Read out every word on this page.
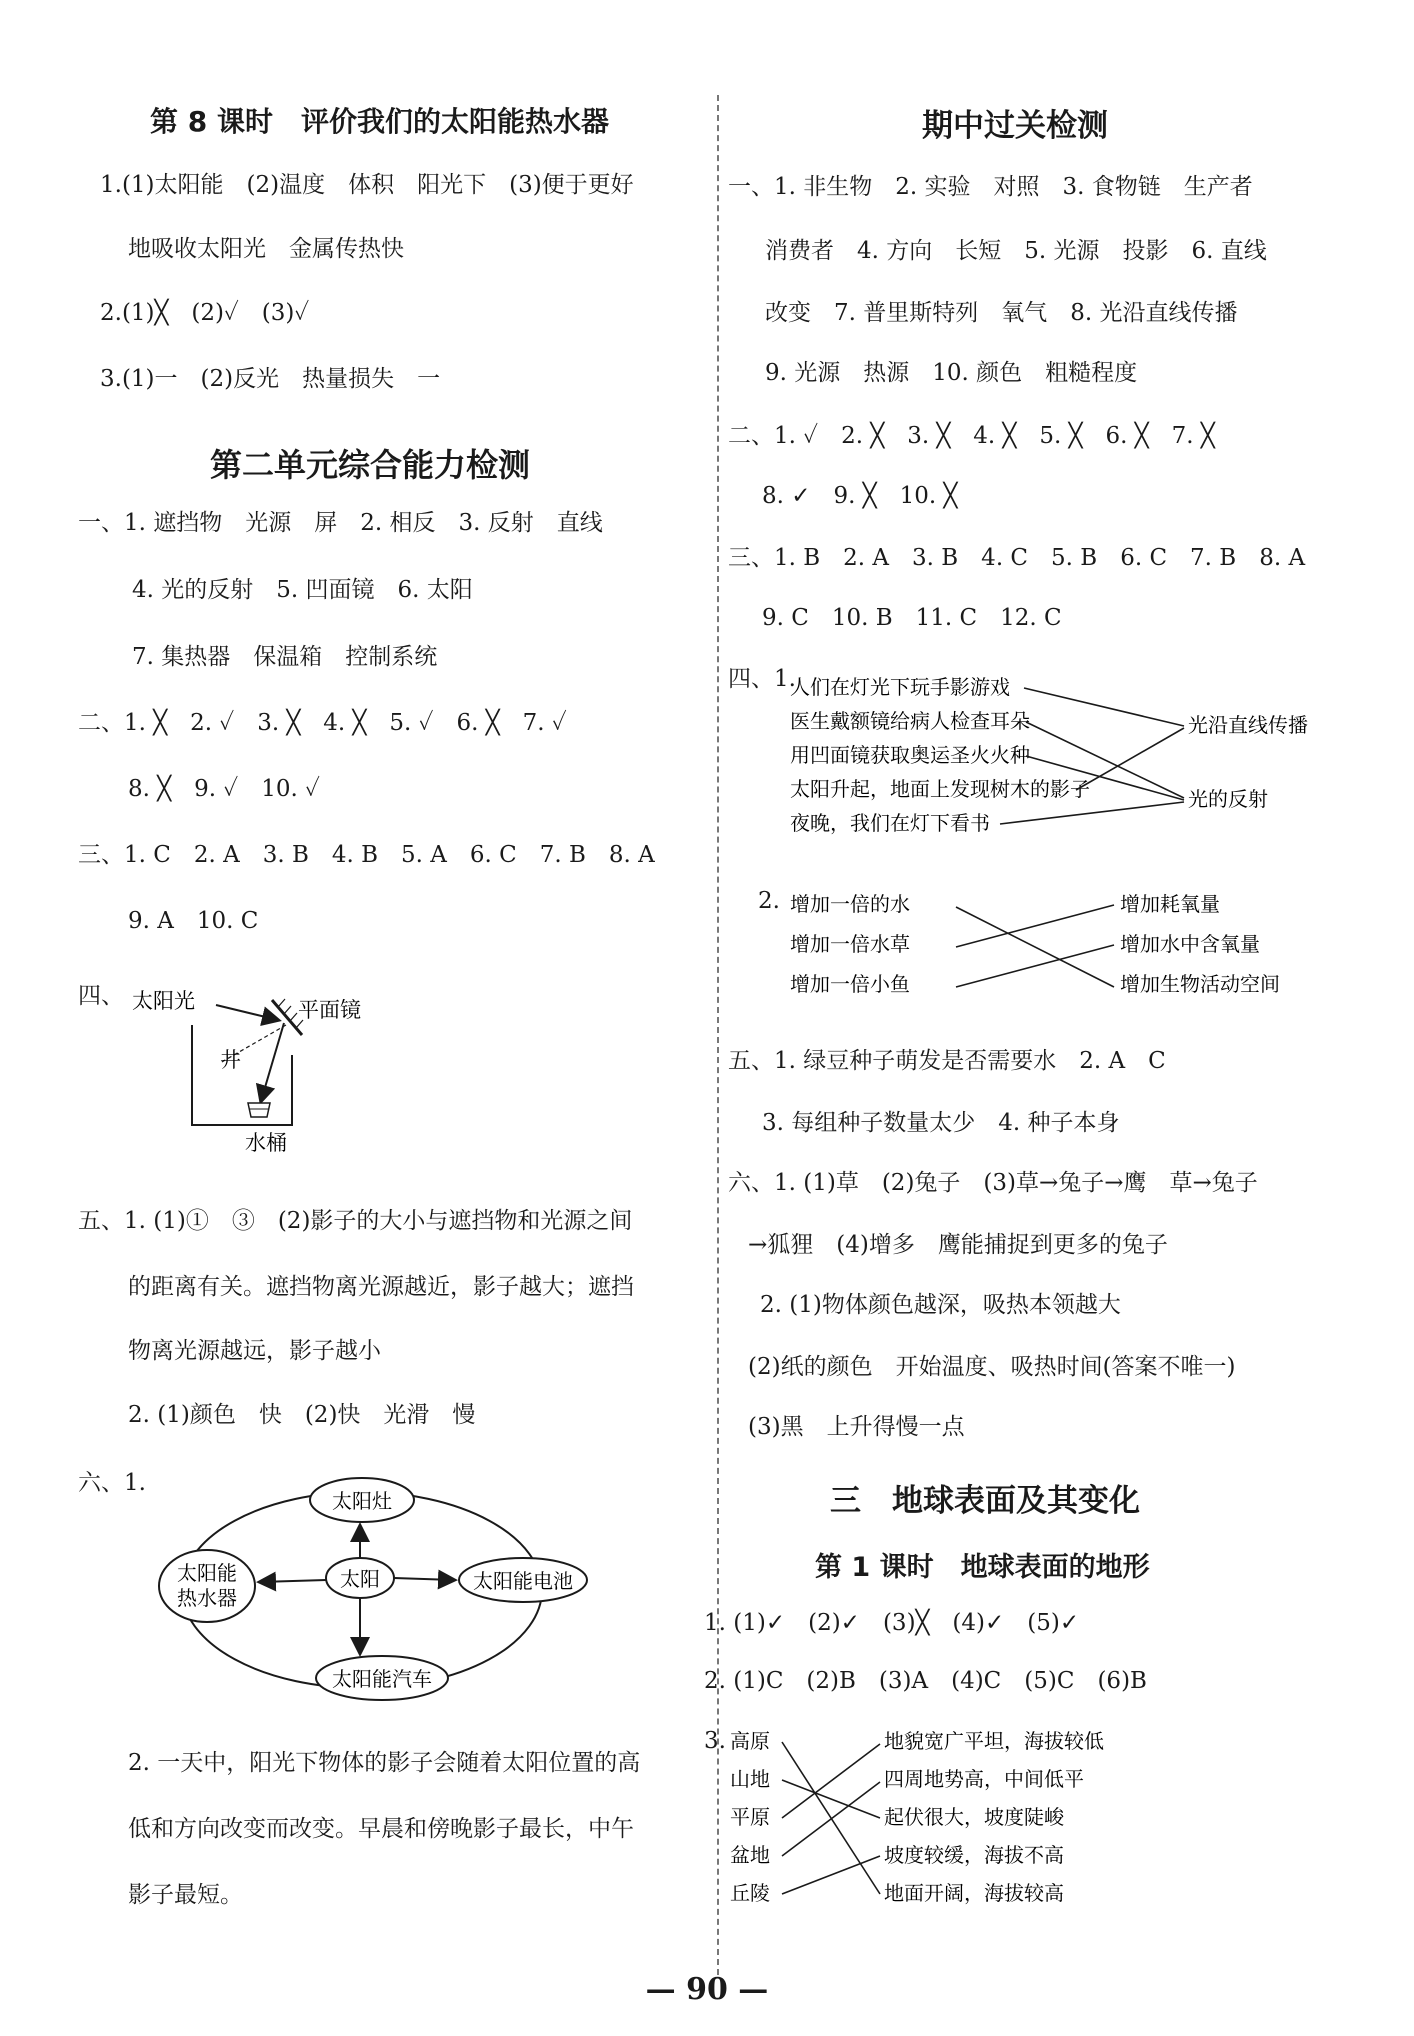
第 8 课时　评价我们的太阳能热水器
1.(1)太阳能　(2)温度　体积　阳光下　(3)便于更好
地吸收太阳光　金属传热快
2.(1)╳　(2)✓　(3)✓
3.(1)一　(2)反光　热量损失　一
第二单元综合能力检测
一、1. 遮挡物　光源　屏　2. 相反　3. 反射　直线
4. 光的反射　5. 凹面镜　6. 太阳
7. 集热器　保温箱　控制系统
二、1. ╳　2. ✓　3. ╳　4. ╳　5. ✓　6. ╳　7. ✓
8. ╳　9. ✓　10. ✓
三、1. C　2. A　3. B　4. B　5. A　6. C　7. B　8. A
9. A　10. C
四、 太阳光	平面镜
井
水桶
五、1. (1)①　③　(2)影子的大小与遮挡物和光源之间
的距离有关。遮挡物离光源越近，影子越大；遮挡
物离光源越远，影子越小
2. (1)颜色　快　(2)快　光滑　慢
六、1.
太阳灶
太阳能
热水器
太阳	太阳能电池
太阳能汽车
2. 一天中，阳光下物体的影子会随着太阳位置的高
低和方向改变而改变。早晨和傍晚影子最长，中午
影子最短。
期中过关检测
一、1. 非生物　2. 实验　对照　3. 食物链　生产者
消费者　4. 方向　长短　5. 光源　投影　6. 直线
改变　7. 普里斯特列　氧气　8. 光沿直线传播
9. 光源　热源　10. 颜色　粗糙程度
二、1. ✓　2. ╳　3. ╳　4. ╳　5. ╳　6. ╳　7. ╳
8. ✓　9. ╳　10. ╳
三、1. B　2. A　3. B　4. C　5. B　6. C　7. B　8. A
9. C　10. B　11. C　12. C
四、1.
人们在灯光下玩手影游戏
医生戴额镜给病人检查耳朵
用凹面镜获取奥运圣火火种
太阳升起，地面上发现树木的影子
夜晚，我们在灯下看书
光沿直线传播
光的反射
2. 增加一倍的水
增加一倍水草
增加一倍小鱼
增加耗氧量
增加水中含氧量
增加生物活动空间
五、1. 绿豆种子萌发是否需要水　2. A　C
3. 每组种子数量太少　4. 种子本身
六、1. (1)草　(2)兔子　(3)草→兔子→鹰　草→兔子
→狐狸　(4)增多　鹰能捕捉到更多的兔子
2. (1)物体颜色越深，吸热本领越大
(2)纸的颜色　开始温度、吸热时间(答案不唯一)
(3)黑　上升得慢一点
三　地球表面及其变化
第 1 课时　地球表面的地形
1. (1)✓　(2)✓　(3)╳　(4)✓　(5)✓
2. (1)C　(2)B　(3)A　(4)C　(5)C　(6)B
3. 高原
山地
平原
盆地
丘陵
地貌宽广平坦，海拔较低
四周地势高，中间低平
起伏很大，坡度陡峻
坡度较缓，海拔不高
地面开阔，海拔较高
— 90 —
